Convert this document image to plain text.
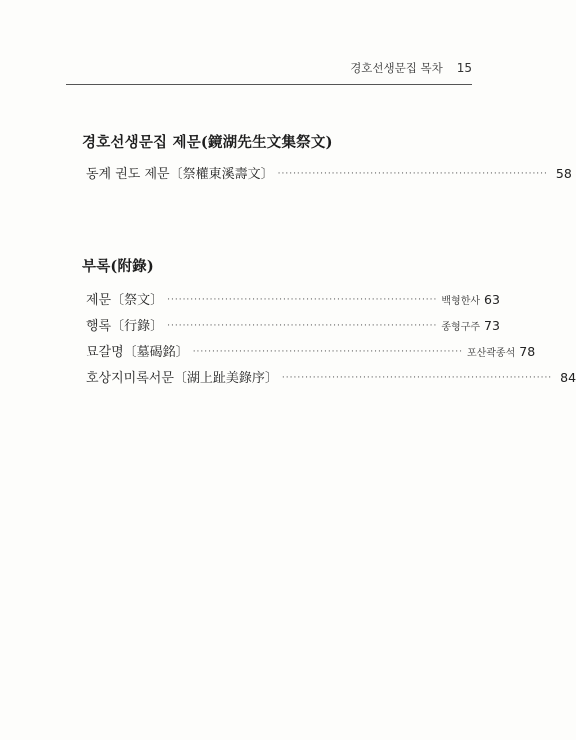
경호선생문집 목차 15
경호선생문집 제문(鏡湖先生文集祭文)
동계 권도 제문〔祭權東溪壽文〕 ······································································ 58
부록(附錄)
제문〔祭文〕 ······································································ 백형한사 63
행록〔行錄〕 ······································································ 종형구주 73
묘갈명〔墓碣銘〕 ······································································ 포산곽종석 78
호상지미록서문〔湖上趾美錄序〕 ······································································ 84
